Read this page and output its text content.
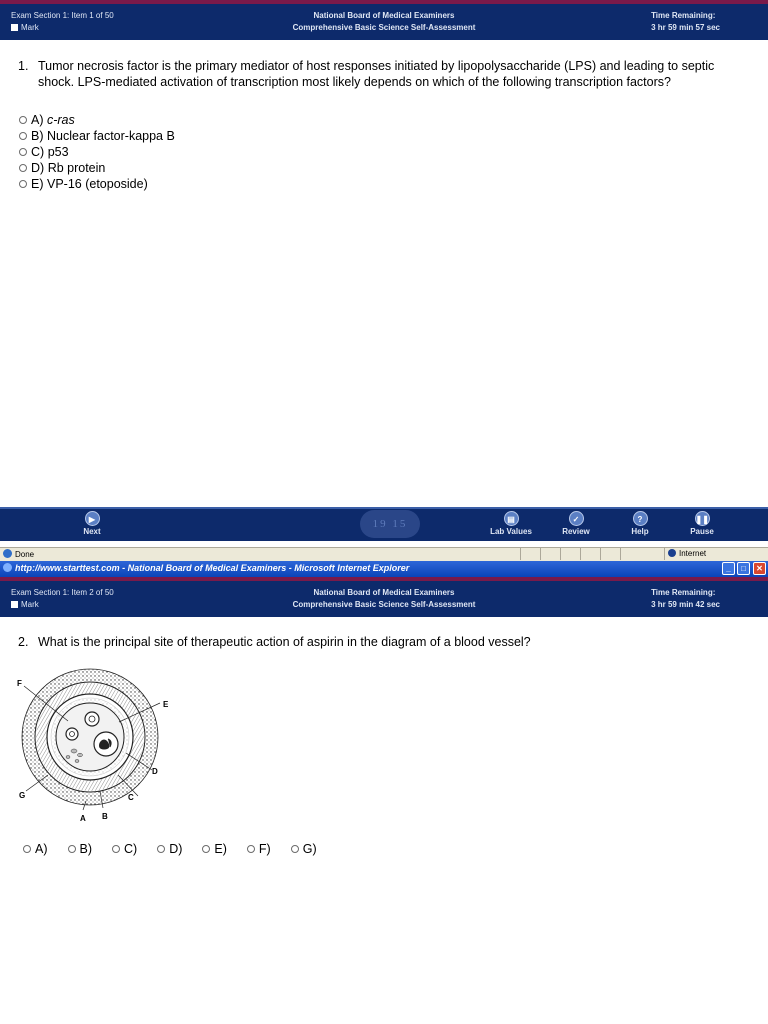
Exam Section 1: Item 1 of 50
Mark
National Board of Medical Examiners
Comprehensive Basic Science Self-Assessment
Time Remaining:
3 hr 59 min 57 sec
1. Tumor necrosis factor is the primary mediator of host responses initiated by lipopolysaccharide (LPS) and leading to septic shock. LPS-mediated activation of transcription most likely depends on which of the following transcription factors?
A)
c-ras
B)
Nuclear factor-kappa B
C)
p53
D)
Rb protein
E)
VP-16 (etoposide)
19 15
▶
Next
▤
Lab Values
✓
Review
?
Help
❚❚
Pause
Done	Internet
http://www.starttest.com - National Board of Medical Examiners - Microsoft Internet Explorer	_	□	✕
Exam Section 1: Item 2 of 50
Mark
National Board of Medical Examiners
Comprehensive Basic Science Self-Assessment
Time Remaining:
3 hr 59 min 42 sec
2. What is the principal site of therapeutic action of aspirin in the diagram of a blood vessel?
F
E
D
C
B
A
G
A)	B)	C)	D)	E)	F)	G)
